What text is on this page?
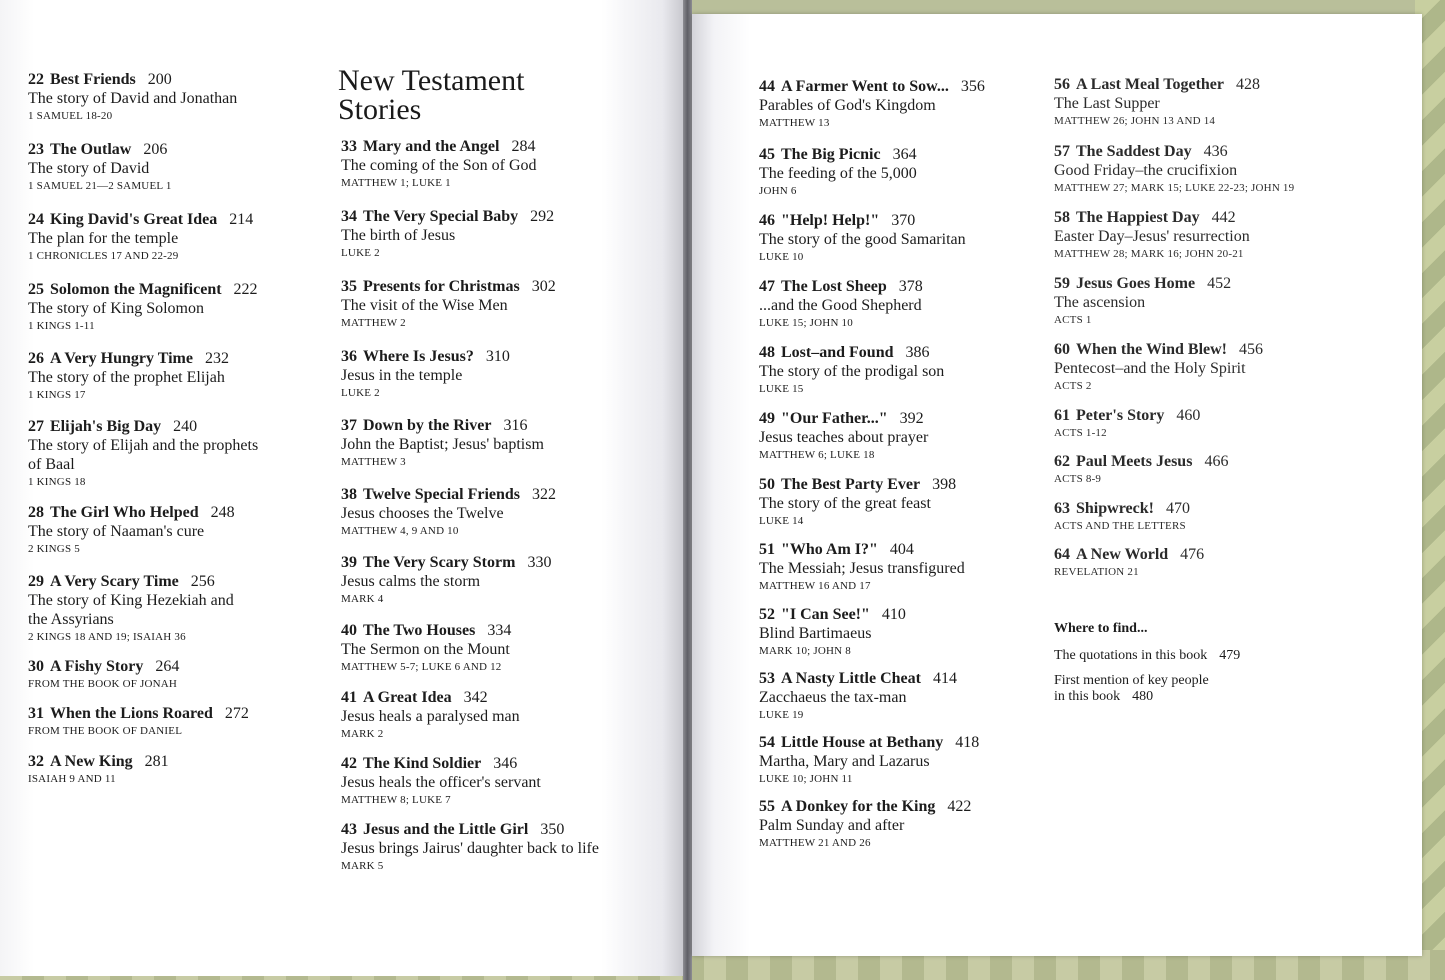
22 Best Friends 200
The story of David and Jonathan
1 SAMUEL 18-20
23 The Outlaw 206
The story of David
1 SAMUEL 21—2 SAMUEL 1
24 King David's Great Idea 214
The plan for the temple
1 CHRONICLES 17 AND 22-29
25 Solomon the Magnificent 222
The story of King Solomon
1 KINGS 1-11
26 A Very Hungry Time 232
The story of the prophet Elijah
1 KINGS 17
27 Elijah's Big Day 240
The story of Elijah and the prophets
of Baal
1 KINGS 18
28 The Girl Who Helped 248
The story of Naaman's cure
2 KINGS 5
29 A Very Scary Time 256
The story of King Hezekiah and
the Assyrians
2 KINGS 18 AND 19; ISAIAH 36
30 A Fishy Story 264
FROM THE BOOK OF JONAH
31 When the Lions Roared 272
FROM THE BOOK OF DANIEL
32 A New King 281
ISAIAH 9 AND 11
New Testament
Stories
33 Mary and the Angel 284
The coming of the Son of God
MATTHEW 1; LUKE 1
34 The Very Special Baby 292
The birth of Jesus
LUKE 2
35 Presents for Christmas 302
The visit of the Wise Men
MATTHEW 2
36 Where Is Jesus? 310
Jesus in the temple
LUKE 2
37 Down by the River 316
John the Baptist; Jesus' baptism
MATTHEW 3
38 Twelve Special Friends 322
Jesus chooses the Twelve
MATTHEW 4, 9 AND 10
39 The Very Scary Storm 330
Jesus calms the storm
MARK 4
40 The Two Houses 334
The Sermon on the Mount
MATTHEW 5-7; LUKE 6 AND 12
41 A Great Idea 342
Jesus heals a paralysed man
MARK 2
42 The Kind Soldier 346
Jesus heals the officer's servant
MATTHEW 8; LUKE 7
43 Jesus and the Little Girl 350
Jesus brings Jairus' daughter back to life
MARK 5
44 A Farmer Went to Sow... 356
Parables of God's Kingdom
MATTHEW 13
45 The Big Picnic 364
The feeding of the 5,000
JOHN 6
46 "Help! Help!" 370
The story of the good Samaritan
LUKE 10
47 The Lost Sheep 378
...and the Good Shepherd
LUKE 15; JOHN 10
48 Lost–and Found 386
The story of the prodigal son
LUKE 15
49 "Our Father..." 392
Jesus teaches about prayer
MATTHEW 6; LUKE 18
50 The Best Party Ever 398
The story of the great feast
LUKE 14
51 "Who Am I?" 404
The Messiah; Jesus transfigured
MATTHEW 16 AND 17
52 "I Can See!" 410
Blind Bartimaeus
MARK 10; JOHN 8
53 A Nasty Little Cheat 414
Zacchaeus the tax-man
LUKE 19
54 Little House at Bethany 418
Martha, Mary and Lazarus
LUKE 10; JOHN 11
55 A Donkey for the King 422
Palm Sunday and after
MATTHEW 21 AND 26
56 A Last Meal Together 428
The Last Supper
MATTHEW 26; JOHN 13 AND 14
57 The Saddest Day 436
Good Friday–the crucifixion
MATTHEW 27; MARK 15; LUKE 22-23; JOHN 19
58 The Happiest Day 442
Easter Day–Jesus' resurrection
MATTHEW 28; MARK 16; JOHN 20-21
59 Jesus Goes Home 452
The ascension
ACTS 1
60 When the Wind Blew! 456
Pentecost–and the Holy Spirit
ACTS 2
61 Peter's Story 460
ACTS 1-12
62 Paul Meets Jesus 466
ACTS 8-9
63 Shipwreck! 470
ACTS AND THE LETTERS
64 A New World 476
REVELATION 21
Where to find...
The quotations in this book 479
First mention of key people
in this book 480
